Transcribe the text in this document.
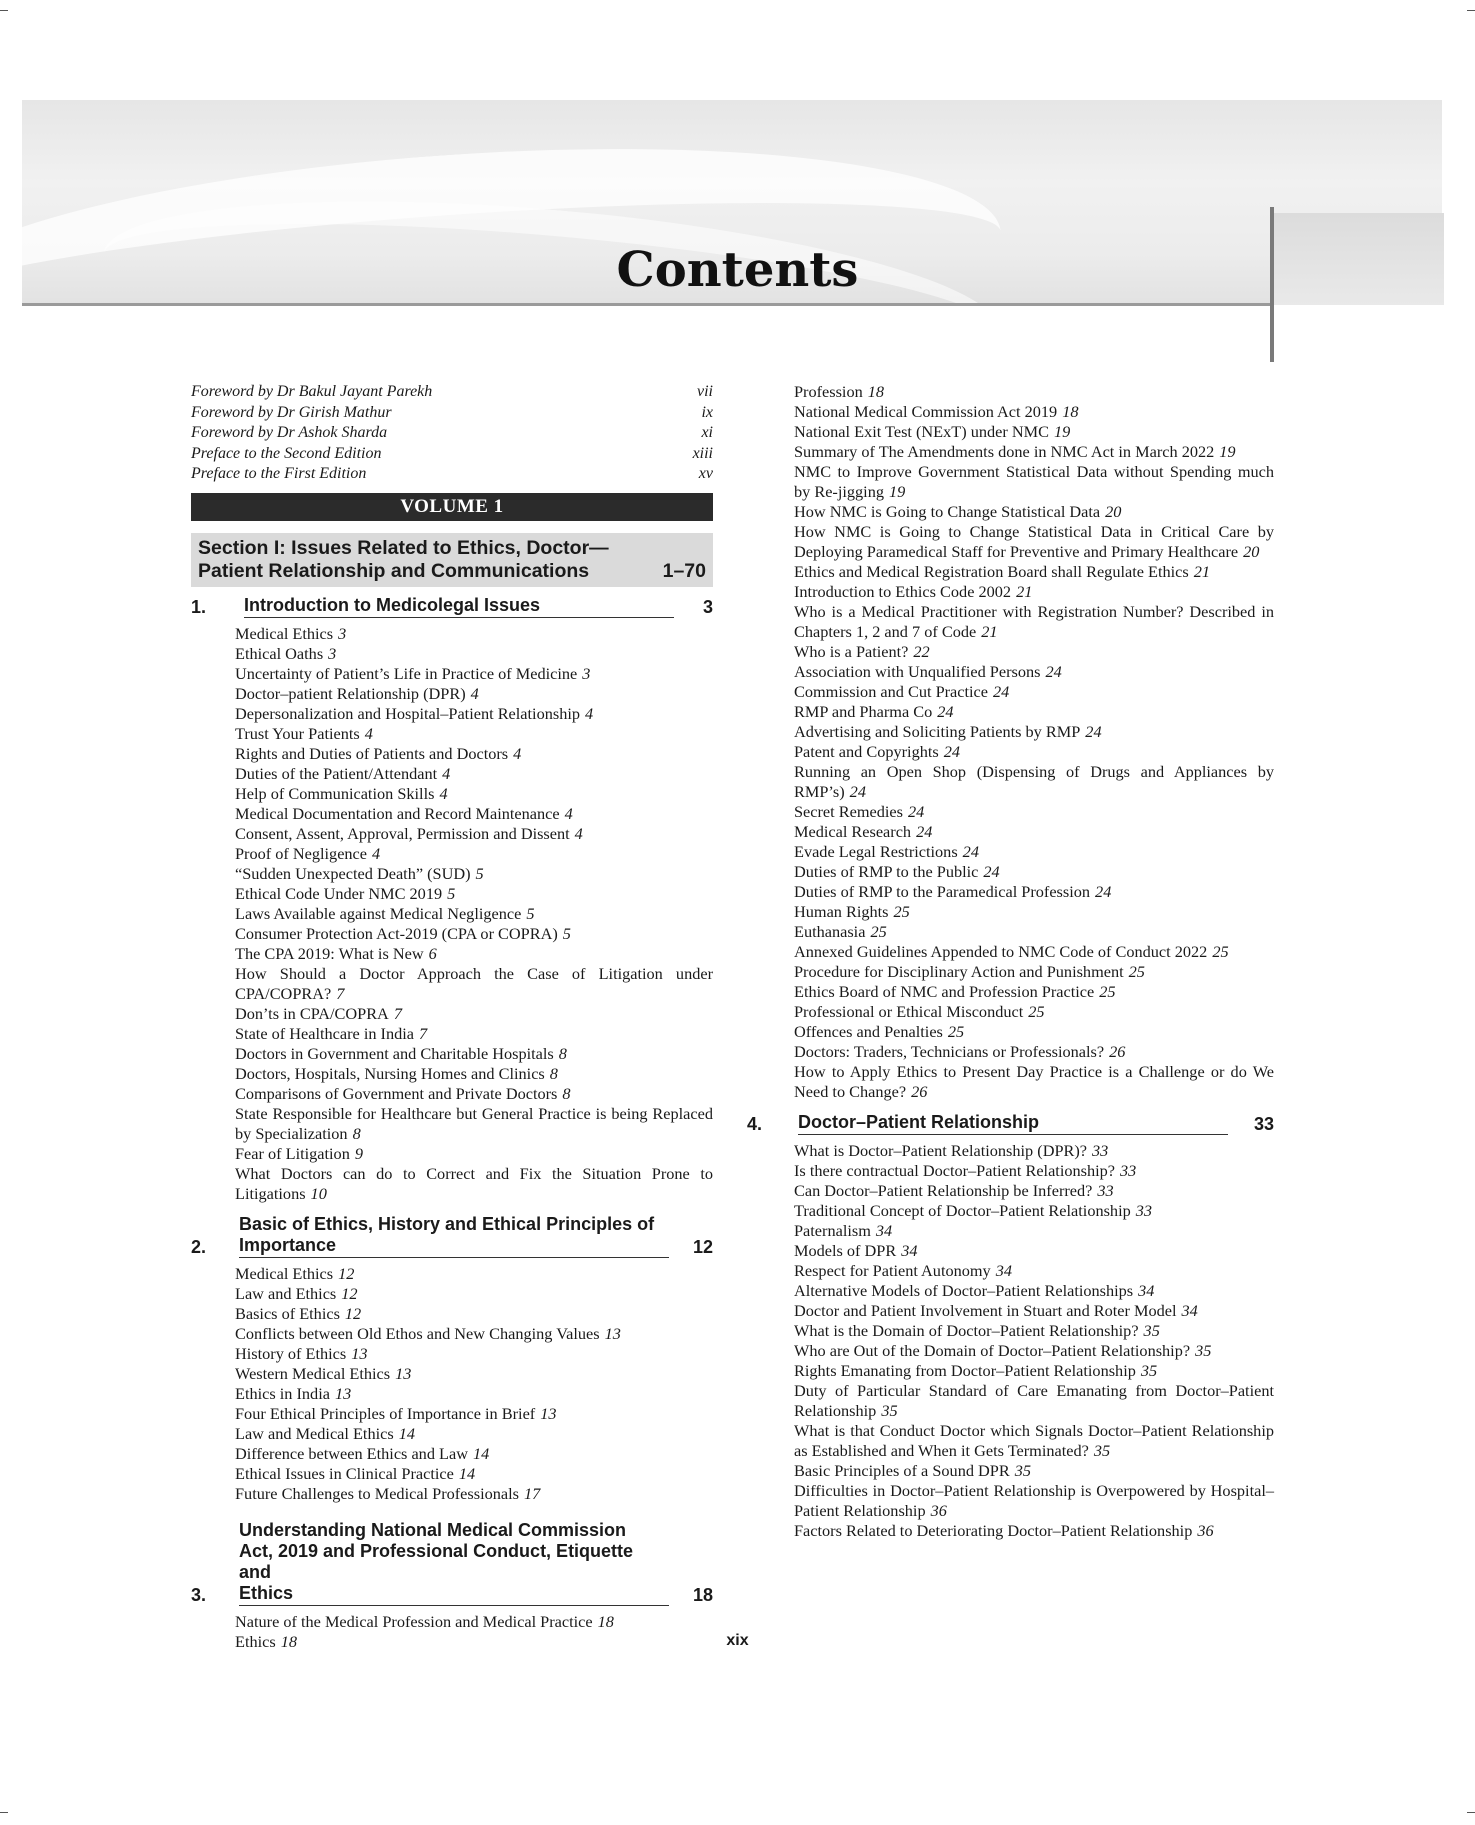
Contents
Foreword by Dr Bakul Jayant Parekh	vii
Foreword by Dr Girish Mathur	ix
Foreword by Dr Ashok Sharda	xi
Preface to the Second Edition	xiii
Preface to the First Edition	xv
VOLUME 1
Section I: Issues Related to Ethics, Doctor—
Patient Relationship and Communications	1–70
1.	Introduction to Medicolegal Issues	3
Medical Ethics 3
Ethical Oaths 3
Uncertainty of Patient’s Life in Practice of Medicine 3
Doctor–patient Relationship (DPR) 4
Depersonalization and Hospital–Patient Relationship 4
Trust Your Patients 4
Rights and Duties of Patients and Doctors 4
Duties of the Patient/Attendant 4
Help of Communication Skills 4
Medical Documentation and Record Maintenance 4
Consent, Assent, Approval, Permission and Dissent 4
Proof of Negligence 4
“Sudden Unexpected Death” (SUD) 5
Ethical Code Under NMC 2019 5
Laws Available against Medical Negligence 5
Consumer Protection Act-2019 (CPA or COPRA) 5
The CPA 2019: What is New 6
How Should a Doctor Approach the Case of Litigation under CPA/COPRA? 7
Don’ts in CPA/COPRA 7
State of Healthcare in India 7
Doctors in Government and Charitable Hospitals 8
Doctors, Hospitals, Nursing Homes and Clinics 8
Comparisons of Government and Private Doctors 8
State Responsible for Healthcare but General Practice is being Replaced by Specialization 8
Fear of Litigation 9
What Doctors can do to Correct and Fix the Situation Prone to Litigations 10
2.
Basic of Ethics, History and Ethical Principles of
Importance	12
Medical Ethics 12
Law and Ethics 12
Basics of Ethics 12
Conflicts between Old Ethos and New Changing Values 13
History of Ethics 13
Western Medical Ethics 13
Ethics in India 13
Four Ethical Principles of Importance in Brief 13
Law and Medical Ethics 14
Difference between Ethics and Law 14
Ethical Issues in Clinical Practice 14
Future Challenges to Medical Professionals 17
3.
Understanding National Medical Commission
Act, 2019 and Professional Conduct, Etiquette and
Ethics	18
Nature of the Medical Profession and Medical Practice 18
Ethics 18
Profession 18
National Medical Commission Act 2019 18
National Exit Test (NExT) under NMC 19
Summary of The Amendments done in NMC Act in March 2022 19
NMC to Improve Government Statistical Data without Spending much by Re-jigging 19
How NMC is Going to Change Statistical Data 20
How NMC is Going to Change Statistical Data in Critical Care by Deploying Paramedical Staff for Preventive and Primary Healthcare 20
Ethics and Medical Registration Board shall Regulate Ethics 21
Introduction to Ethics Code 2002 21
Who is a Medical Practitioner with Registration Number? Described in Chapters 1, 2 and 7 of Code 21
Who is a Patient? 22
Association with Unqualified Persons 24
Commission and Cut Practice 24
RMP and Pharma Co 24
Advertising and Soliciting Patients by RMP 24
Patent and Copyrights 24
Running an Open Shop (Dispensing of Drugs and Appliances by RMP’s) 24
Secret Remedies 24
Medical Research 24
Evade Legal Restrictions 24
Duties of RMP to the Public 24
Duties of RMP to the Paramedical Profession 24
Human Rights 25
Euthanasia 25
Annexed Guidelines Appended to NMC Code of Conduct 2022 25
Procedure for Disciplinary Action and Punishment 25
Ethics Board of NMC and Profession Practice 25
Professional or Ethical Misconduct 25
Offences and Penalties 25
Doctors: Traders, Technicians or Professionals? 26
How to Apply Ethics to Present Day Practice is a Challenge or do We Need to Change? 26
4.	Doctor–Patient Relationship	33
What is Doctor–Patient Relationship (DPR)? 33
Is there contractual Doctor–Patient Relationship? 33
Can Doctor–Patient Relationship be Inferred? 33
Traditional Concept of Doctor–Patient Relationship 33
Paternalism 34
Models of DPR 34
Respect for Patient Autonomy 34
Alternative Models of Doctor–Patient Relationships 34
Doctor and Patient Involvement in Stuart and Roter Model 34
What is the Domain of Doctor–Patient Relationship? 35
Who are Out of the Domain of Doctor–Patient Relationship? 35
Rights Emanating from Doctor–Patient Relationship 35
Duty of Particular Standard of Care Emanating from Doctor–Patient Relationship 35
What is that Conduct Doctor which Signals Doctor–Patient Relationship as Established and When it Gets Terminated? 35
Basic Principles of a Sound DPR 35
Difficulties in Doctor–Patient Relationship is Overpowered by Hospital–Patient Relationship 36
Factors Related to Deteriorating Doctor–Patient Relationship 36
xix
